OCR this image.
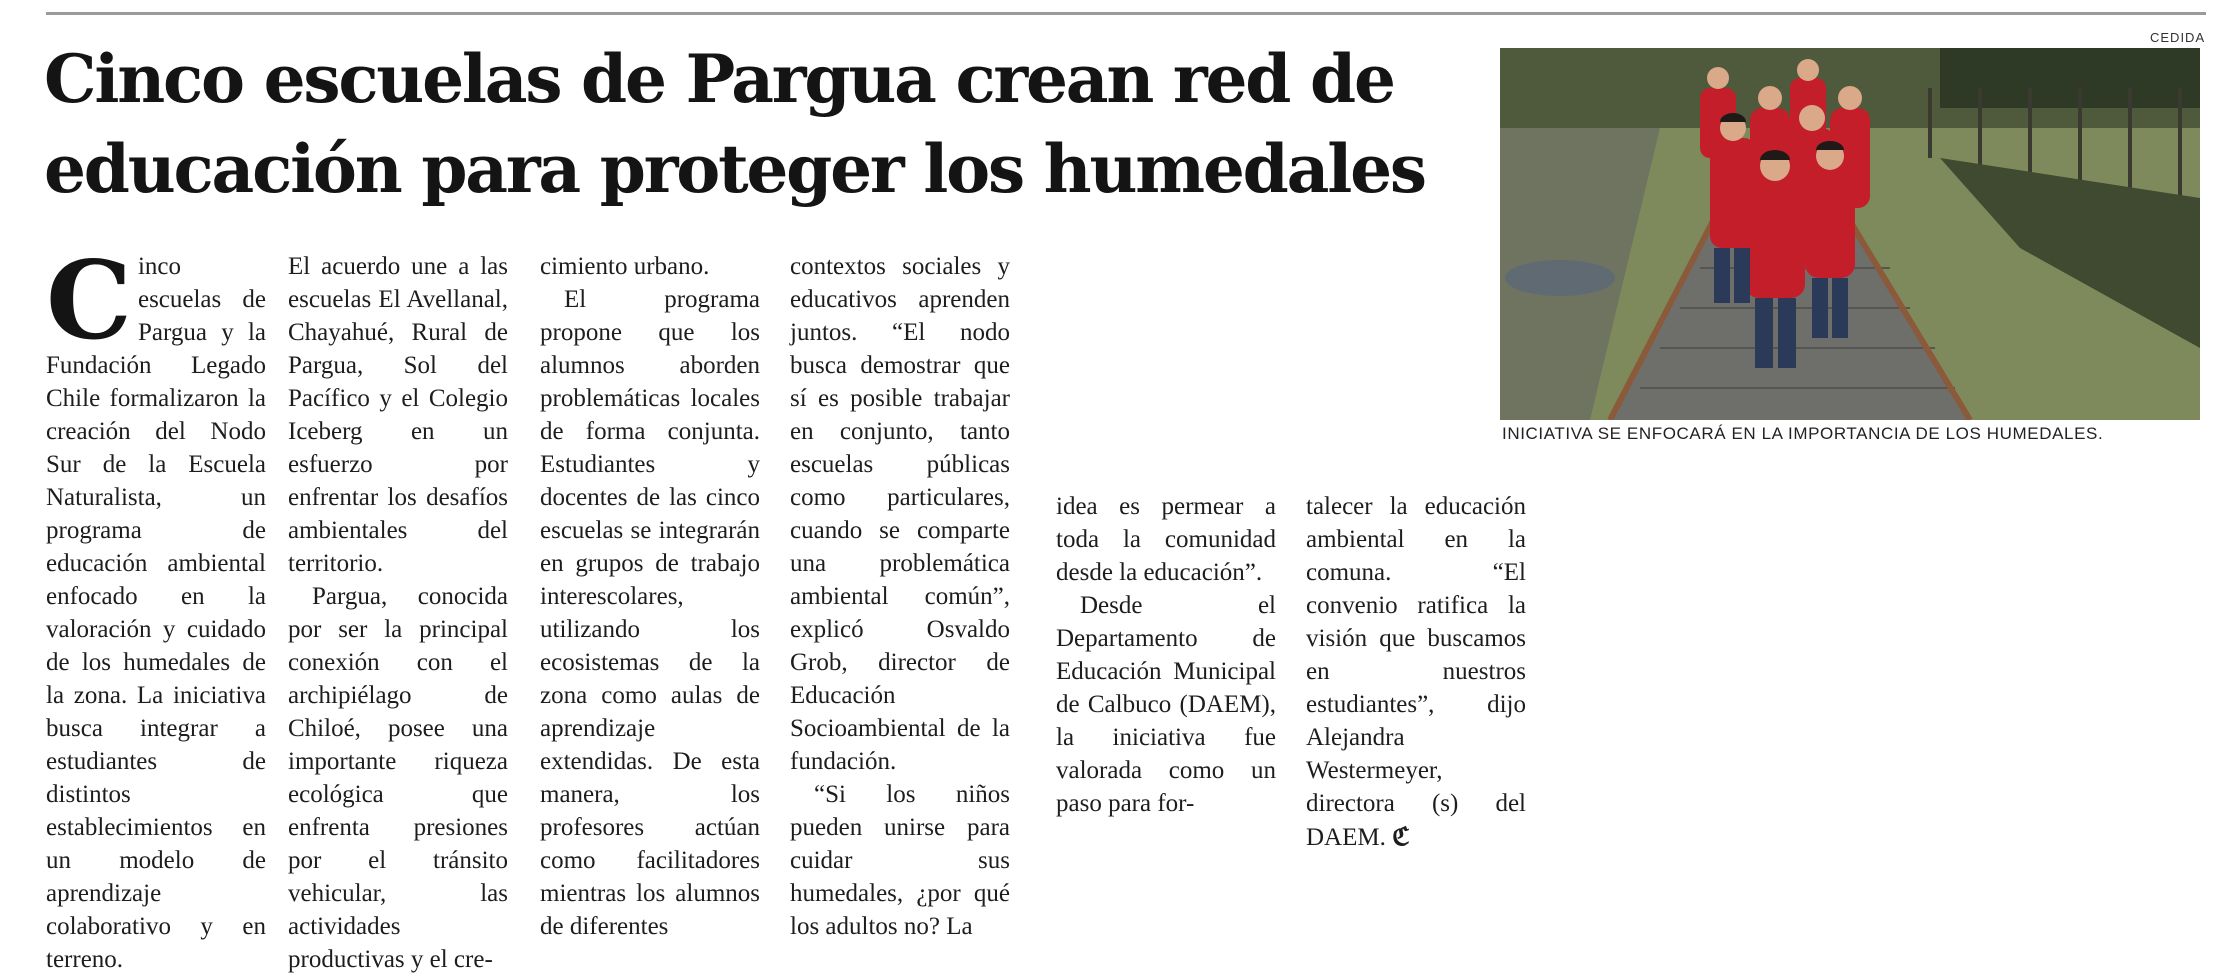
Cinco escuelas de Pargua crean red de
educación para proteger los humedales

Cinco escuelas de Pargua y la Fundación Legado Chile formalizaron la creación del Nodo Sur de la Escuela Naturalista, un programa de educación ambiental enfocado en la valoración y cuidado de los humedales de la zona. La iniciativa busca integrar a estudiantes de distintos establecimientos en un modelo de aprendizaje colaborativo y en terreno.

El acuerdo une a las escuelas El Avellanal, Chayahué, Rural de Pargua, Sol del Pacífico y el Colegio Iceberg en un esfuerzo por enfrentar los desafíos ambientales del territorio.

Pargua, conocida por ser la principal conexión con el archipiélago de Chiloé, posee una importante riqueza ecológica que enfrenta presiones por el tránsito vehicular, las actividades productivas y el cre-

cimiento urbano.

El programa propone que los alumnos aborden problemáticas locales de forma conjunta. Estudiantes y docentes de las cinco escuelas se integrarán en grupos de trabajo interescolares, utilizando los ecosistemas de la zona como aulas de aprendizaje extendidas. De esta manera, los profesores actúan como facilitadores mientras los alumnos de diferentes

contextos sociales y educativos aprenden juntos. “El nodo busca demostrar que sí es posible trabajar en conjunto, tanto escuelas públicas como particulares, cuando se comparte una problemática ambiental común”, explicó Osvaldo Grob, director de Educación Socioambiental de la fundación.

“Si los niños pueden unirse para cuidar sus humedales, ¿por qué los adultos no? La

idea es permear a toda la comunidad desde la educación”.

Desde el Departamento de Educación Municipal de Calbuco (DAEM), la iniciativa fue valorada como un paso para for-

talecer la educación ambiental en la comuna. “El convenio ratifica la visión que buscamos en nuestros estudiantes”, dijo Alejandra Westermeyer, directora (s) del DAEM. ℭ

CEDIDA
INICIATIVA SE ENFOCARÁ EN LA IMPORTANCIA DE LOS HUMEDALES.
